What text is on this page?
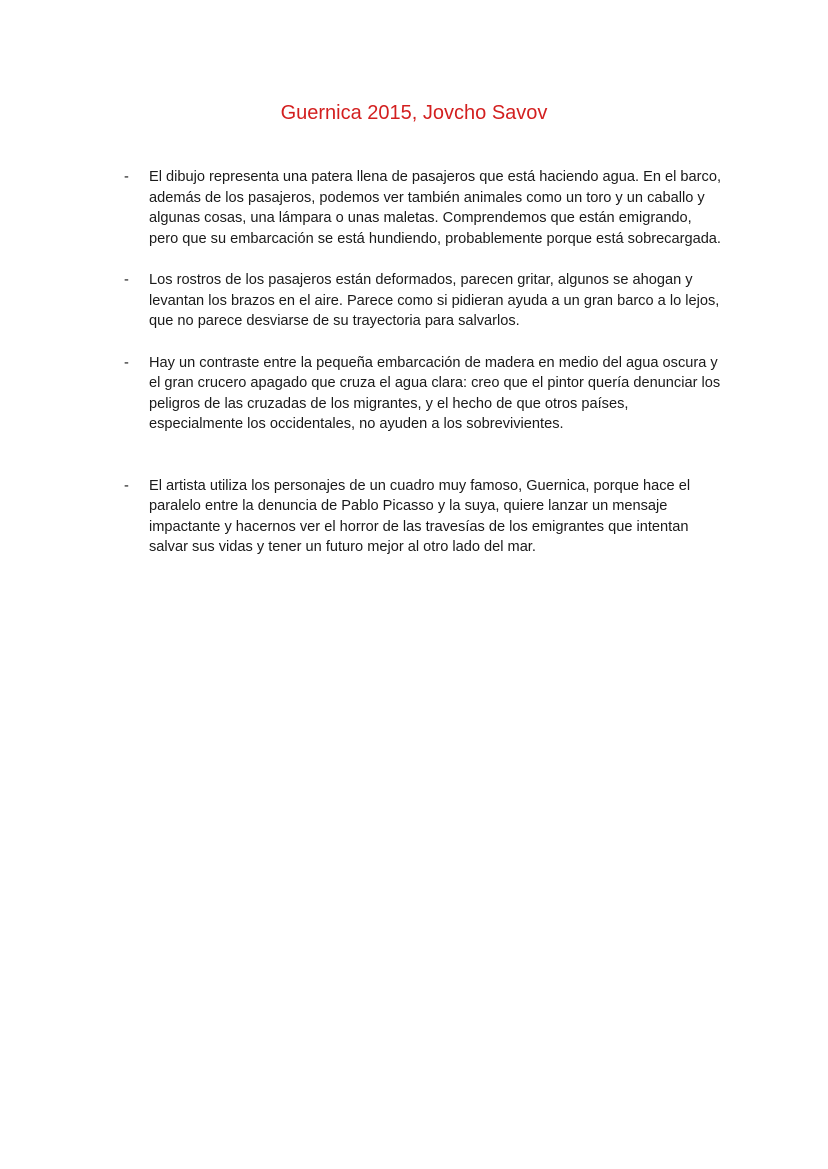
Guernica 2015, Jovcho Savov
-	El dibujo representa una patera llena de pasajeros que está haciendo agua. En el barco, además de los pasajeros, podemos ver también animales como un toro y un caballo y algunas cosas, una lámpara o unas maletas. Comprendemos que están emigrando, pero que su embarcación se está hundiendo, probablemente porque está sobrecargada.
-	Los rostros de los pasajeros están deformados, parecen gritar, algunos se ahogan y levantan los brazos en el aire. Parece como si pidieran ayuda a un gran barco a lo lejos, que no parece desviarse de su trayectoria para salvarlos.
-	Hay un contraste entre la pequeña embarcación de madera en medio del agua oscura y el gran crucero apagado que cruza el agua clara: creo que el pintor quería denunciar los peligros de las cruzadas de los migrantes, y el hecho de que otros países, especialmente los occidentales, no ayuden a los sobrevivientes.
-	El artista utiliza los personajes de un cuadro muy famoso, Guernica, porque hace el paralelo entre la denuncia de Pablo Picasso y la suya, quiere lanzar un mensaje impactante y hacernos ver el horror de las travesías de los emigrantes que intentan salvar sus vidas y tener un futuro mejor al otro lado del mar.
